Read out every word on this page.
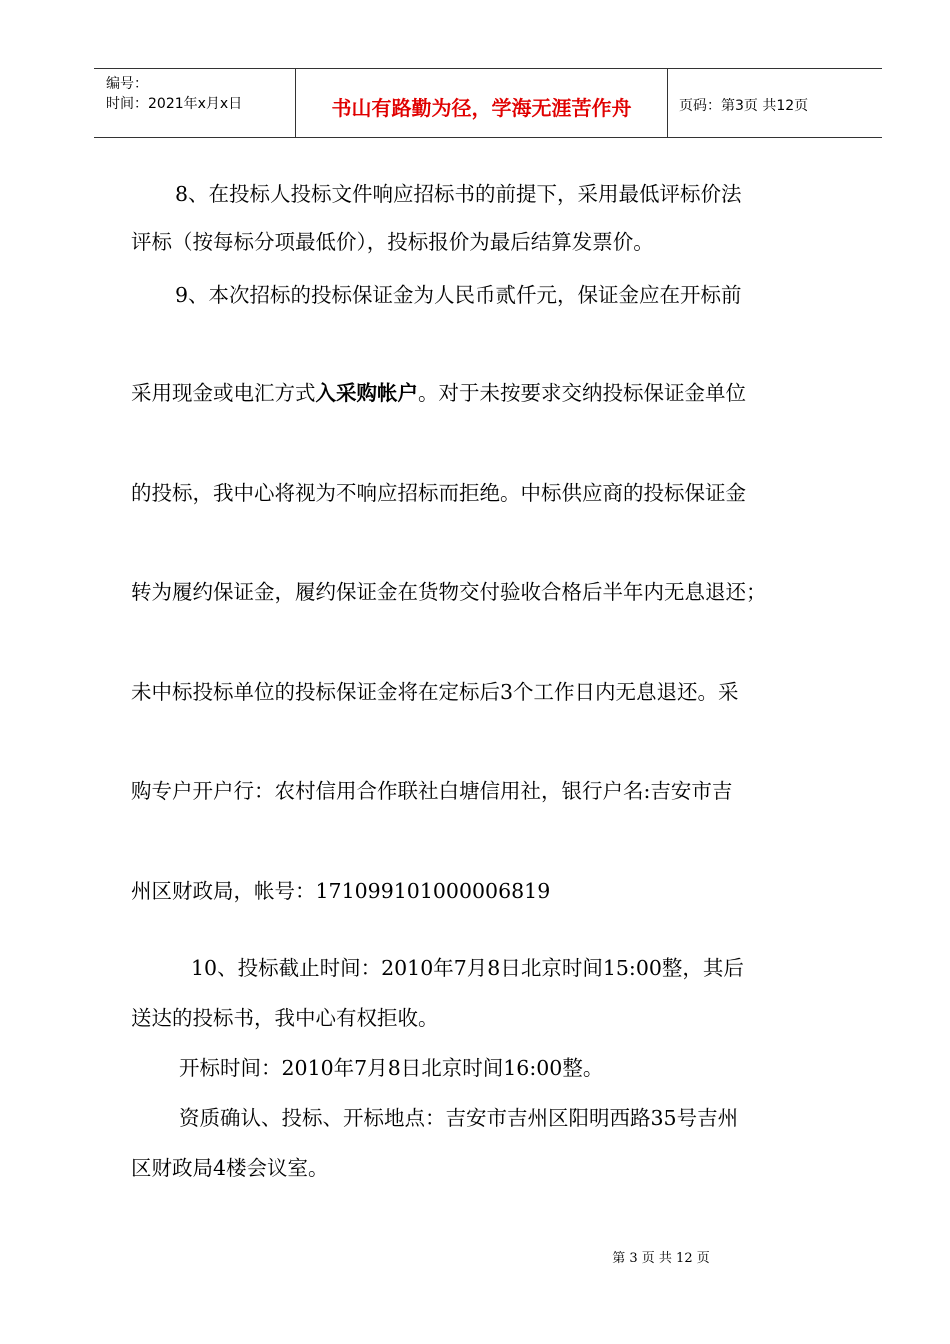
编号：
时间：2021年x月x日	书山有路勤为径，学海无涯苦作舟	页码：第3页 共12页
8、在投标人投标文件响应招标书的前提下，采用最低评标价法
评标（按每标分项最低价），投标报价为最后结算发票价。
9、本次招标的投标保证金为人民币贰仟元，保证金应在开标前
采用现金或电汇方式入采购帐户。对于未按要求交纳投标保证金单位
的投标，我中心将视为不响应招标而拒绝。中标供应商的投标保证金
转为履约保证金，履约保证金在货物交付验收合格后半年内无息退还；
未中标投标单位的投标保证金将在定标后3个工作日内无息退还。采
购专户开户行：农村信用合作联社白塘信用社，银行户名:吉安市吉
州区财政局，帐号：171099101000006819
10、投标截止时间：2010年7月8日北京时间15:00整，其后
送达的投标书，我中心有权拒收。
开标时间：2010年7月8日北京时间16:00整。
资质确认、投标、开标地点：吉安市吉州区阳明西路35号吉州
区财政局4楼会议室。
第 3 页 共 12 页
